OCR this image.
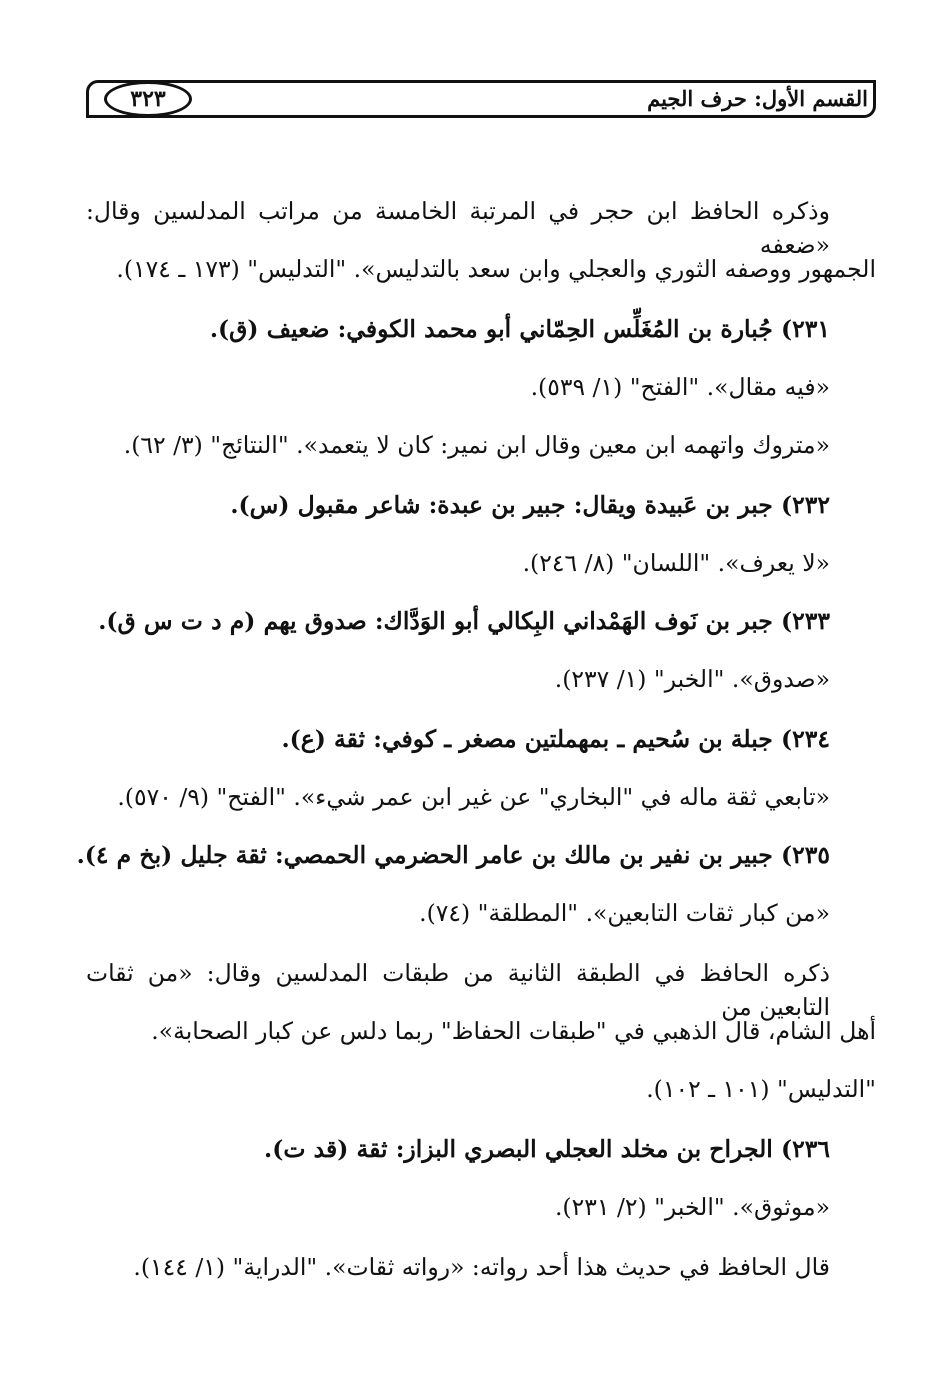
القسم الأول: حرف الجيم
٣٢٣
وذكره الحافظ ابن حجر في المرتبة الخامسة من مراتب المدلسين وقال: «ضعفه
الجمهور ووصفه الثوري والعجلي وابن سعد بالتدليس». "التدليس" (١٧٣ ـ ١٧٤).
٢٣١) جُبارة بن المُغَلِّس الحِمّاني أبو محمد الكوفي: ضعيف (ق).
«فيه مقال». "الفتح" (١/ ٥٣٩).
«متروك واتهمه ابن معين وقال ابن نمير: كان لا يتعمد». "النتائج" (٣/ ٦٢).
٢٣٢) جبر بن عَبيدة ويقال: جبير بن عبدة: شاعر مقبول (س).
«لا يعرف». "اللسان" (٨/ ٢٤٦).
٢٣٣) جبر بن نَوف الهَمْداني البِكالي أبو الوَدَّاك: صدوق يهم (م د ت س ق).
«صدوق». "الخبر" (١/ ٢٣٧).
٢٣٤) جبلة بن سُحيم ـ بمهملتين مصغر ـ كوفي: ثقة (ع).
«تابعي ثقة ماله في "البخاري" عن غير ابن عمر شيء». "الفتح" (٩/ ٥٧٠).
٢٣٥) جبير بن نفير بن مالك بن عامر الحضرمي الحمصي: ثقة جليل (بخ م ٤).
«من كبار ثقات التابعين». "المطلقة" (٧٤).
ذكره الحافظ في الطبقة الثانية من طبقات المدلسين وقال: «من ثقات التابعين من
أهل الشام، قال الذهبي في "طبقات الحفاظ" ربما دلس عن كبار الصحابة».
"التدليس" (١٠١ ـ ١٠٢).
٢٣٦) الجراح بن مخلد العجلي البصري البزاز: ثقة (قد ت).
«موثوق». "الخبر" (٢/ ٢٣١).
قال الحافظ في حديث هذا أحد رواته: «رواته ثقات». "الدراية" (١/ ١٤٤).
